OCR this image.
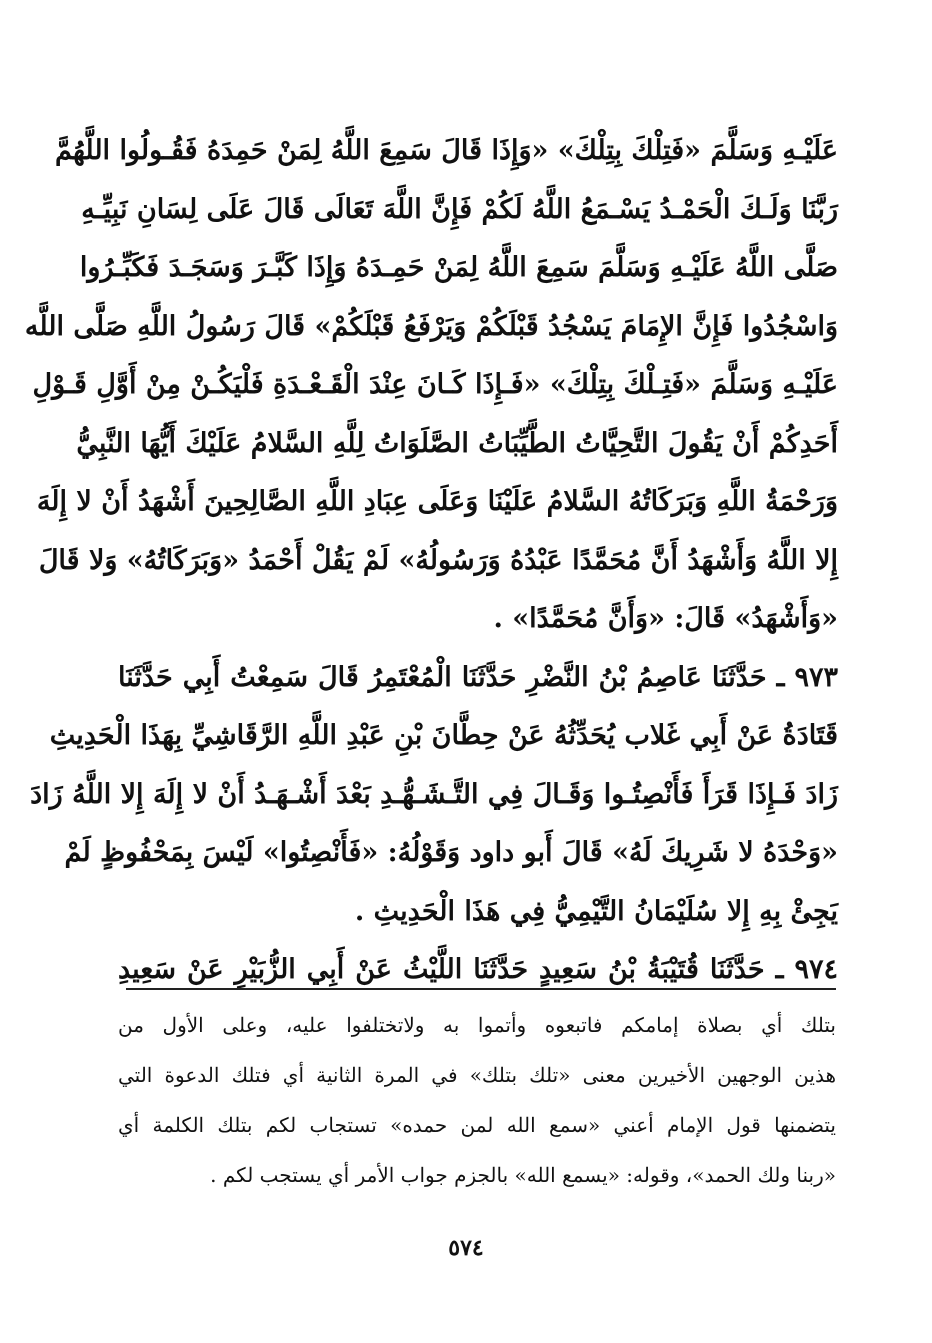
عَلَيْـهِ وَسَلَّمَ «فَتِلْكَ بِتِلْكَ» «وَإِذَا قَالَ سَمِعَ اللَّهُ لِمَنْ حَمِدَهُ فَقُـولُوا اللَّهُمَّ
رَبَّنَا وَلَـكَ الْحَمْـدُ يَسْـمَعُ اللَّهُ لَكُمْ فَإِنَّ اللَّهَ تَعَالَى قَالَ عَلَى لِسَانِ نَبِيِّـهِ
صَلَّى اللَّهُ عَلَيْـهِ وَسَلَّمَ سَمِعَ اللَّهُ لِمَنْ حَمِـدَهُ وَإِذَا كَبَّـرَ وَسَجَـدَ فَكَبِّـرُوا
وَاسْجُدُوا فَإِنَّ الإِمَامَ يَسْجُدُ قَبْلَكُمْ وَيَرْفَعُ قَبْلَكُمْ» قَالَ رَسُولُ اللَّهِ صَلَّى اللَّه
عَلَيْـهِ وَسَلَّمَ «فَتِـلْكَ بِتِلْكَ» «فَـإِذَا كَـانَ عِنْدَ الْقَـعْـدَةِ فَلْيَكُـنْ مِنْ أَوَّلِ قَـوْلِ
أَحَدِكُمْ أَنْ يَقُولَ التَّحِيَّاتُ الطَّيِّبَاتُ الصَّلَوَاتُ لِلَّهِ السَّلامُ عَلَيْكَ أَيُّهَا النَّبِيُّ
وَرَحْمَةُ اللَّهِ وَبَرَكَاتُهُ السَّلامُ عَلَيْنَا وَعَلَى عِبَادِ اللَّهِ الصَّالِحِينَ أَشْهَدُ أَنْ لا إِلَهَ
إِلا اللَّهُ وَأَشْهَدُ أَنَّ مُحَمَّدًا عَبْدُهُ وَرَسُولُهُ» لَمْ يَقُلْ أَحْمَدُ «وَبَرَكَاتُهُ» وَلا قَالَ
«وَأَشْهَدُ» قَالَ: «وَأَنَّ مُحَمَّدًا» .
٩٧٣ ـ حَدَّثَنَا عَاصِمُ بْنُ النَّضْرِ حَدَّثَنَا الْمُعْتَمِرُ قَالَ سَمِعْتُ أَبِي حَدَّثَنَا
قَتَادَةُ عَنْ أَبِي غَلاب يُحَدِّثُهُ عَنْ حِطَّانَ بْنِ عَبْدِ اللَّهِ الرَّقَاشِيِّ بِهَذَا الْحَدِيثِ
زَادَ فَـإِذَا قَرَأَ فَأَنْصِتُـوا وَقَـالَ فِي التَّـشَـهُّـدِ بَعْدَ أَشْـهَـدُ أَنْ لا إِلَهَ إِلا اللَّهُ زَادَ
«وَحْدَهُ لا شَرِيكَ لَهُ» قَالَ أَبو داود وَقَوْلُهُ: «فَأَنْصِتُوا» لَيْسَ بِمَحْفُوظٍ لَمْ
يَجِئْ بِهِ إِلا سُلَيْمَانُ التَّيْمِيُّ فِي هَذَا الْحَدِيثِ .
٩٧٤ ـ حَدَّثَنَا قُتَيْبَةُ بْنُ سَعِيدٍ حَدَّثَنَا اللَّيْثُ عَنْ أَبِي الزُّبَيْرِ عَنْ سَعِيدِ
بتلك أي بصلاة إمامكم فاتبعوه وأتموا به ولاتختلفوا عليه، وعلى الأول من
هذين الوجهين الأخيرين معنى «تلك بتلك» في المرة الثانية أي فتلك الدعوة التي
يتضمنها قول الإمام أعني «سمع الله لمن حمده» تستجاب لكم بتلك الكلمة أي
«ربنا ولك الحمد»، وقوله: «يسمع الله» بالجزم جواب الأمر أي يستجب لكم .
٥٧٤
